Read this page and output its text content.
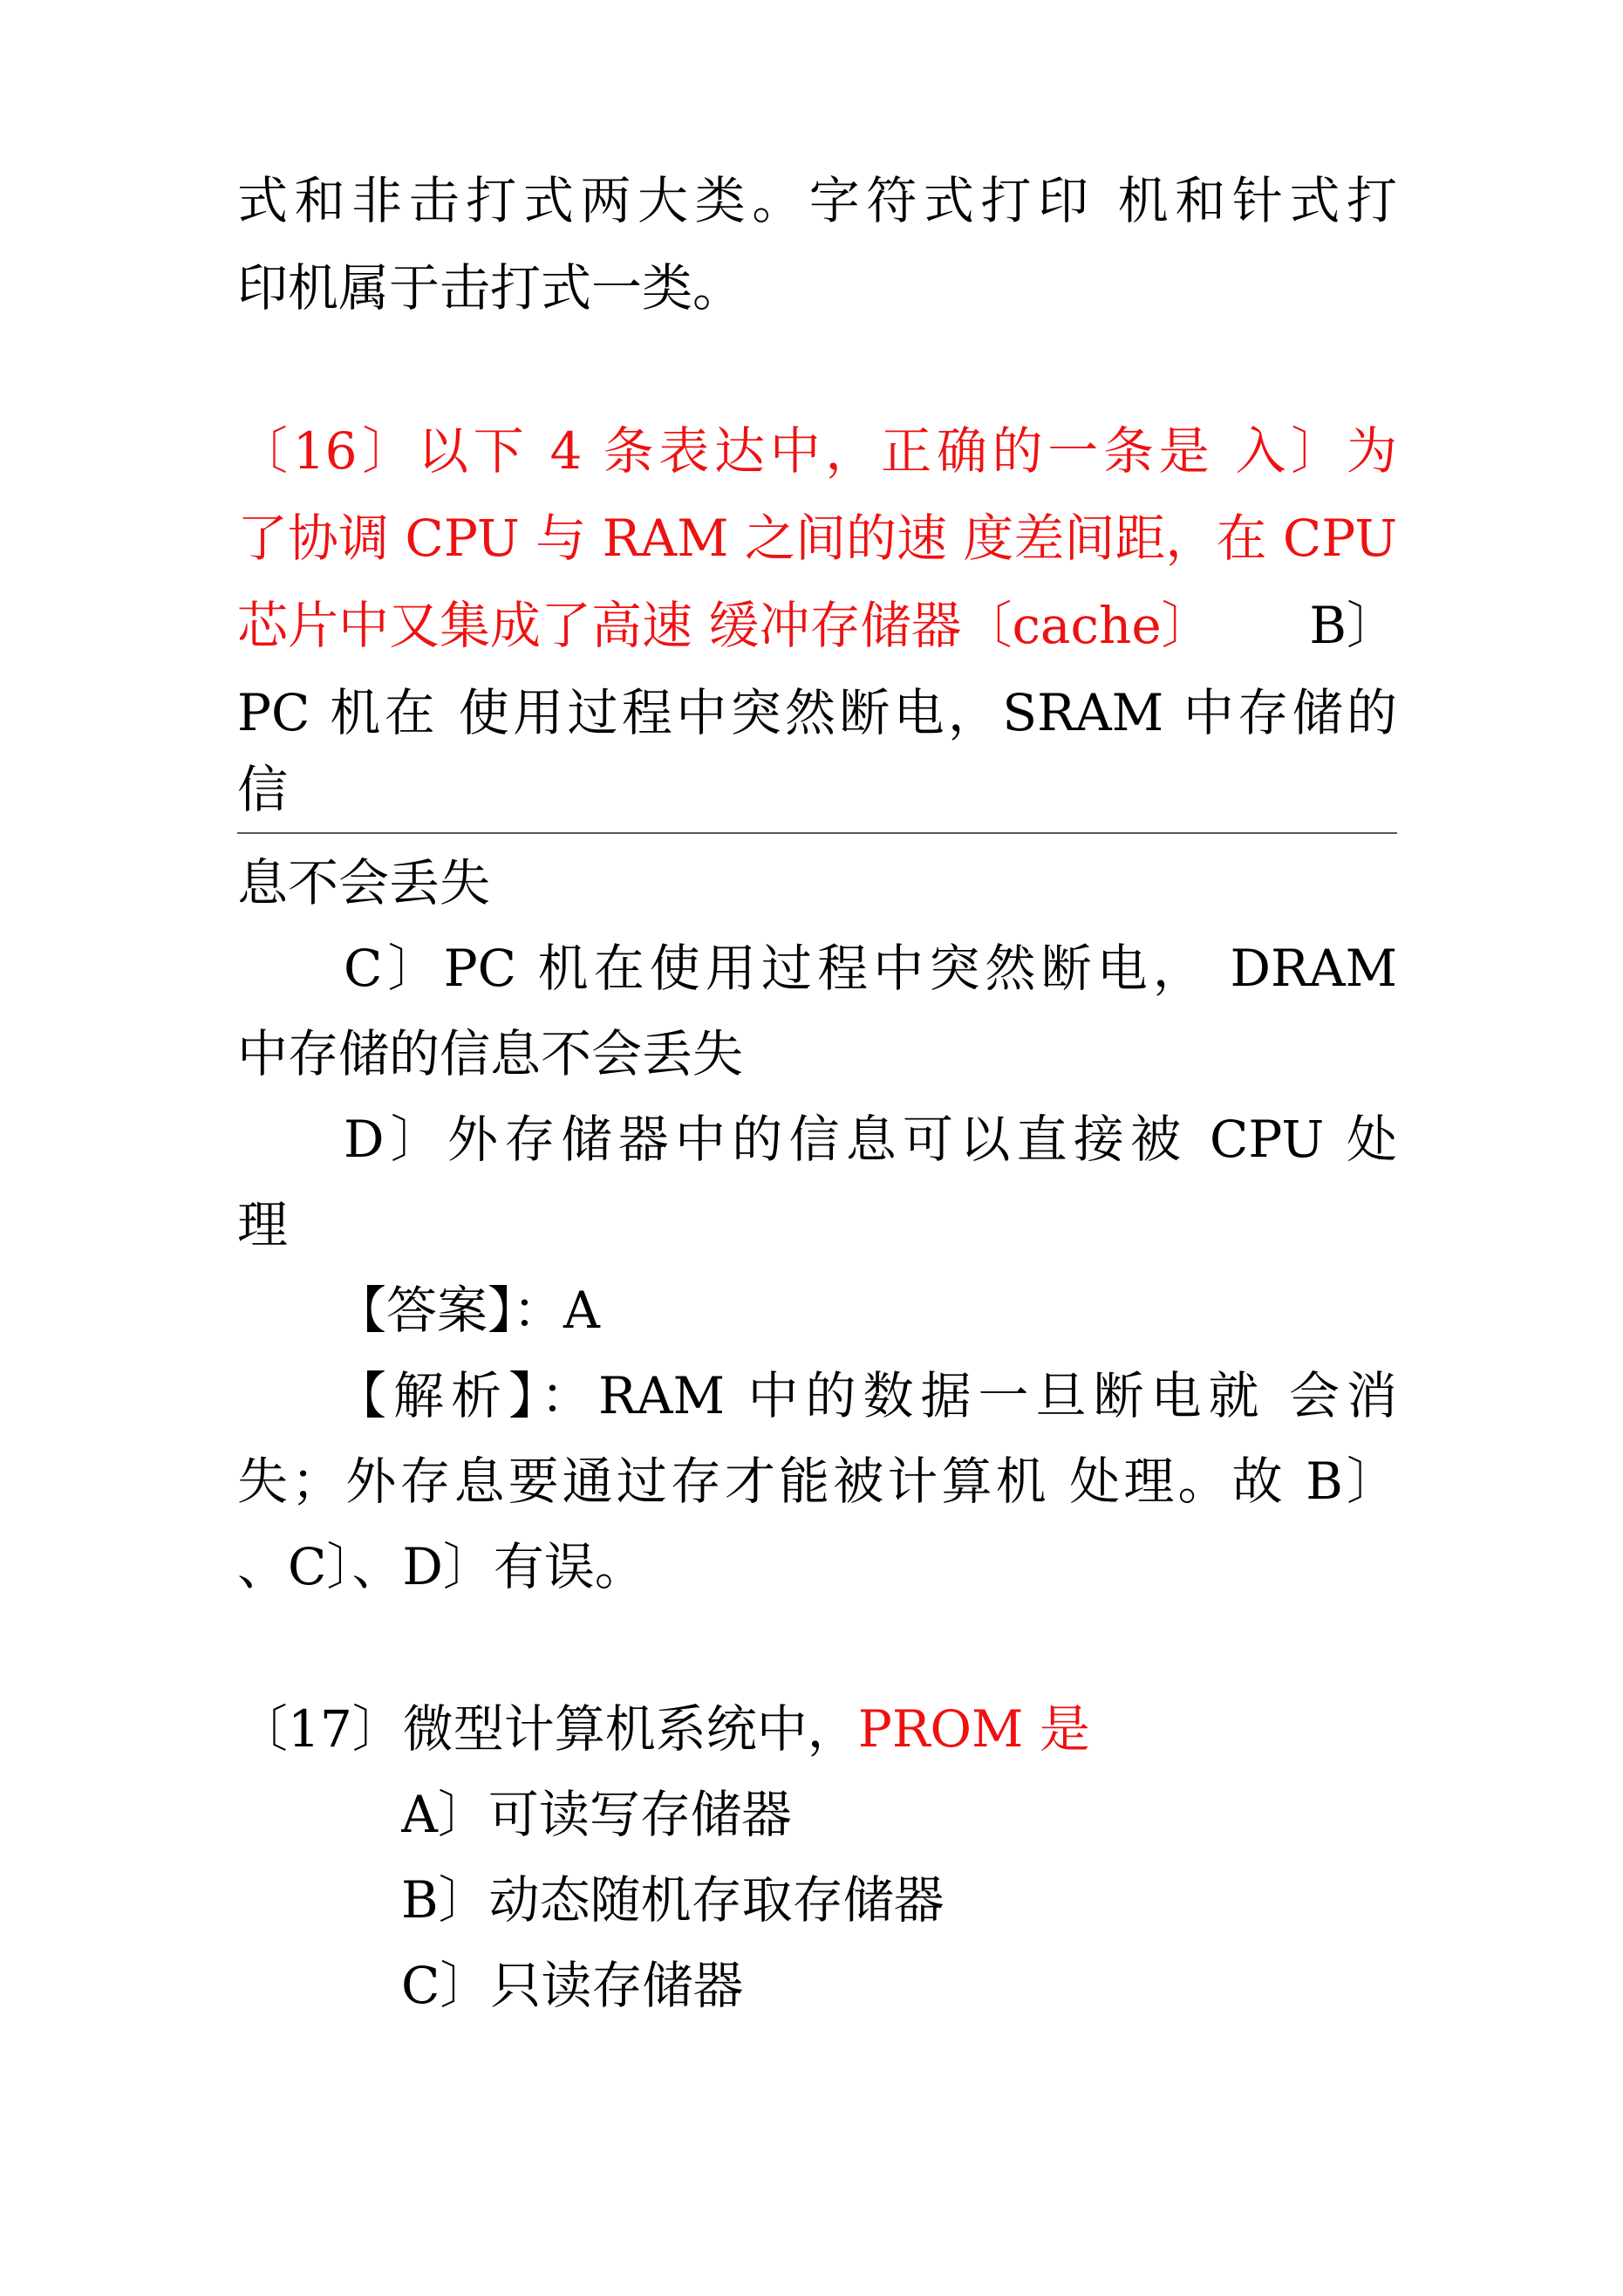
式和非击打式两大类。字符式打印 机和针式打
印机属于击打式一类。
〔16〕以下 4 条表达中，正确的一条是 入〕为
了协调 CPU 与 RAM 之间的速 度差间距，在 CPU
芯片中又集成了高速 缓冲存储器〔cache〕 B〕
PC 机在 使用过程中突然断电，SRAM 中存储的
信
息不会丢失
C〕PC 机在使用过程中突然断电， DRAM
中存储的信息不会丢失
D〕外存储器中的信息可以直接被 CPU 处
理
【答案】：A
【解析】：RAM 中的数据一旦断电就 会消
失；外存息要通过存才能被计算机 处理。故 B〕
、C〕、D〕有误。
〔17〕微型计算机系统中，PROM 是
A〕可读写存储器
B〕动态随机存取存储器
C〕只读存储器
